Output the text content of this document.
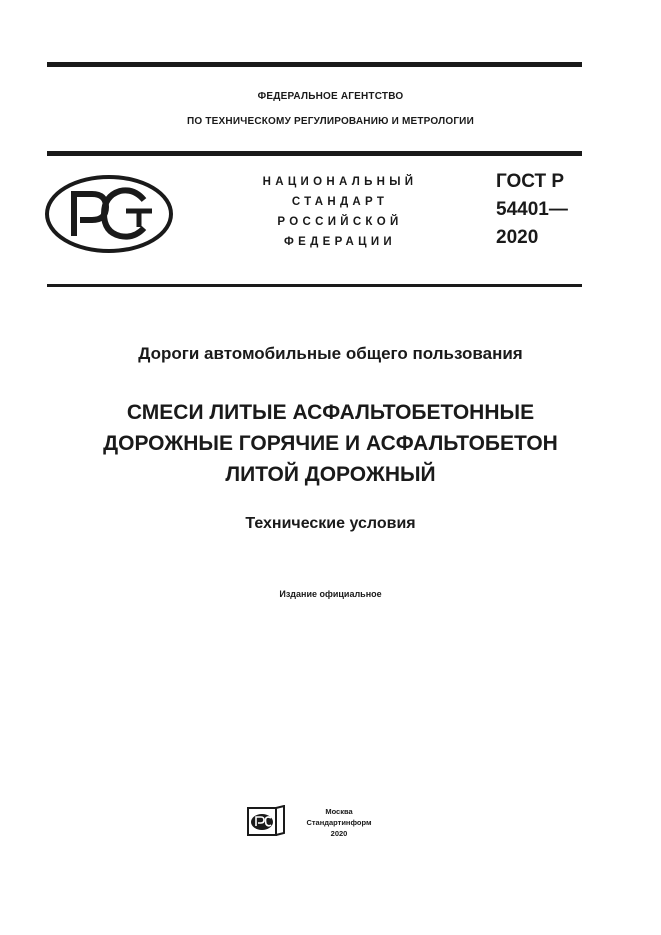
ФЕДЕРАЛЬНОЕ АГЕНТСТВО
ПО ТЕХНИЧЕСКОМУ РЕГУЛИРОВАНИЮ И МЕТРОЛОГИИ
НАЦИОНАЛЬНЫЙ
СТАНДАРТ
РОССИЙСКОЙ
ФЕДЕРАЦИИ
ГОСТ Р
54401—
2020
Дороги автомобильные общего пользования
СМЕСИ ЛИТЫЕ АСФАЛЬТОБЕТОННЫЕ
ДОРОЖНЫЕ ГОРЯЧИЕ И АСФАЛЬТОБЕТОН
ЛИТОЙ ДОРОЖНЫЙ
Технические условия
Издание официальное
Москва
Стандартинформ
2020
